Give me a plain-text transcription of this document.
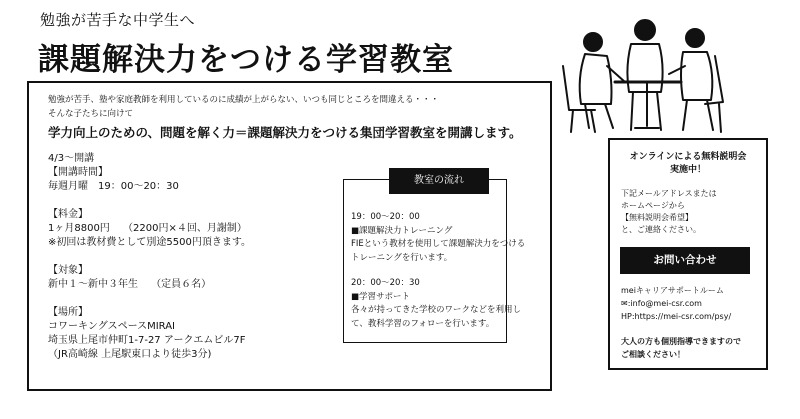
勉強が苦手な中学生へ
課題解決力をつける学習教室
勉強が苦手、塾や家庭教師を利用しているのに成績が上がらない、いつも同じところを間違える・・・
そんな子たちに向けて
学力向上のための、問題を解く力＝課題解決力をつける集団学習教室を開講します。
4/3～開講
【開講時間】
毎週月曜　19：00～20：30
【料金】
1ヶ月8800円　 （2200円×４回、月謝制）
※初回は教材費として別途5500円頂きます。
【対象】
新中１～新中３年生　 （定員６名）
【場所】
コワーキングスペースMIRAI
埼玉県上尾市仲町1-7-27 アークエムビル7F
（JR高崎線 上尾駅東口より徒歩3分)
教室の流れ
19：00～20：00
■課題解決力トレーニング
FIEという教材を使用して課題解決力をつける
トレーニングを行います。
20：00～20：30
■学習サポート
各々が持ってきた学校のワークなどを利用し
て、教科学習のフォローを行います。
オンラインによる無料説明会
実施中！
下記メールアドレスまたは
ホームページから
【無料説明会希望】
と、ご連絡ください。
お問い合わせ
meiキャリアサポートルーム
✉:info@mei-csr.com
HP:https://mei-csr.com/psy/
大人の方も個別指導できますので
ご相談ください！
